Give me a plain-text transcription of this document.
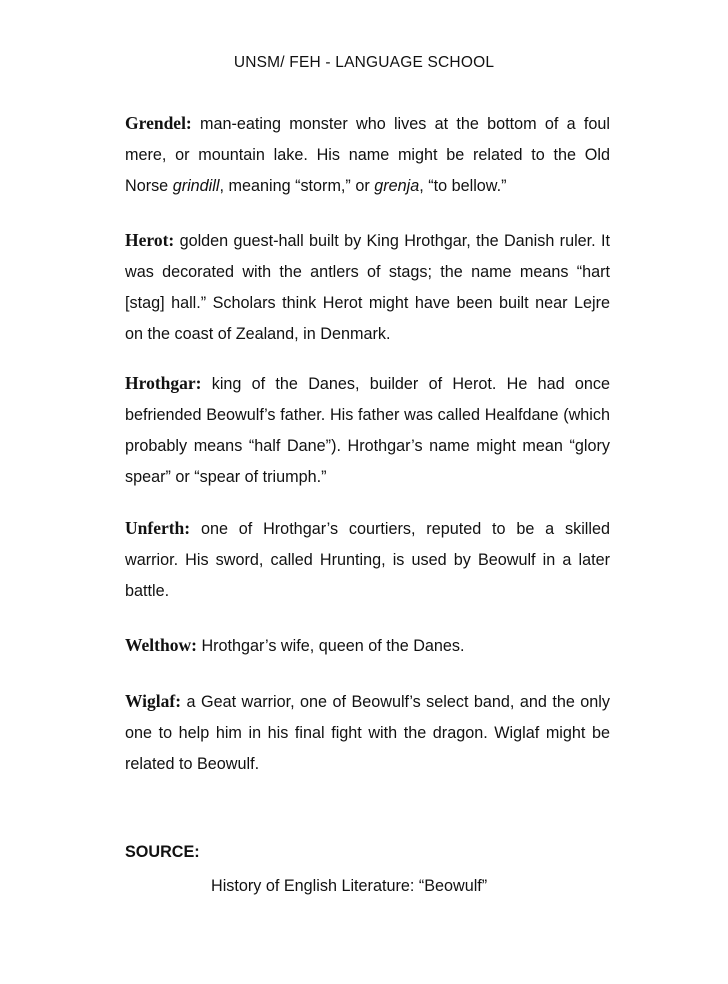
UNSM/ FEH - LANGUAGE SCHOOL
Grendel: man-eating monster who lives at the bottom of a foul mere, or mountain lake. His name might be related to the Old Norse grindill, meaning “storm,” or grenja, “to bellow.”
Herot: golden guest-hall built by King Hrothgar, the Danish ruler. It was decorated with the antlers of stags; the name means “hart [stag] hall.” Scholars think Herot might have been built near Lejre on the coast of Zealand, in Denmark.
Hrothgar: king of the Danes, builder of Herot. He had once befriended Beowulf’s father. His father was called Healfdane (which probably means “half Dane”). Hrothgar’s name might mean “glory spear” or “spear of triumph.”
Unferth: one of Hrothgar’s courtiers, reputed to be a skilled warrior. His sword, called Hrunting, is used by Beowulf in a later battle.
Welthow: Hrothgar’s wife, queen of the Danes.
Wiglaf: a Geat warrior, one of Beowulf’s select band, and the only one to help him in his final fight with the dragon. Wiglaf might be related to Beowulf.
SOURCE:
History of English Literature: “Beowulf”
